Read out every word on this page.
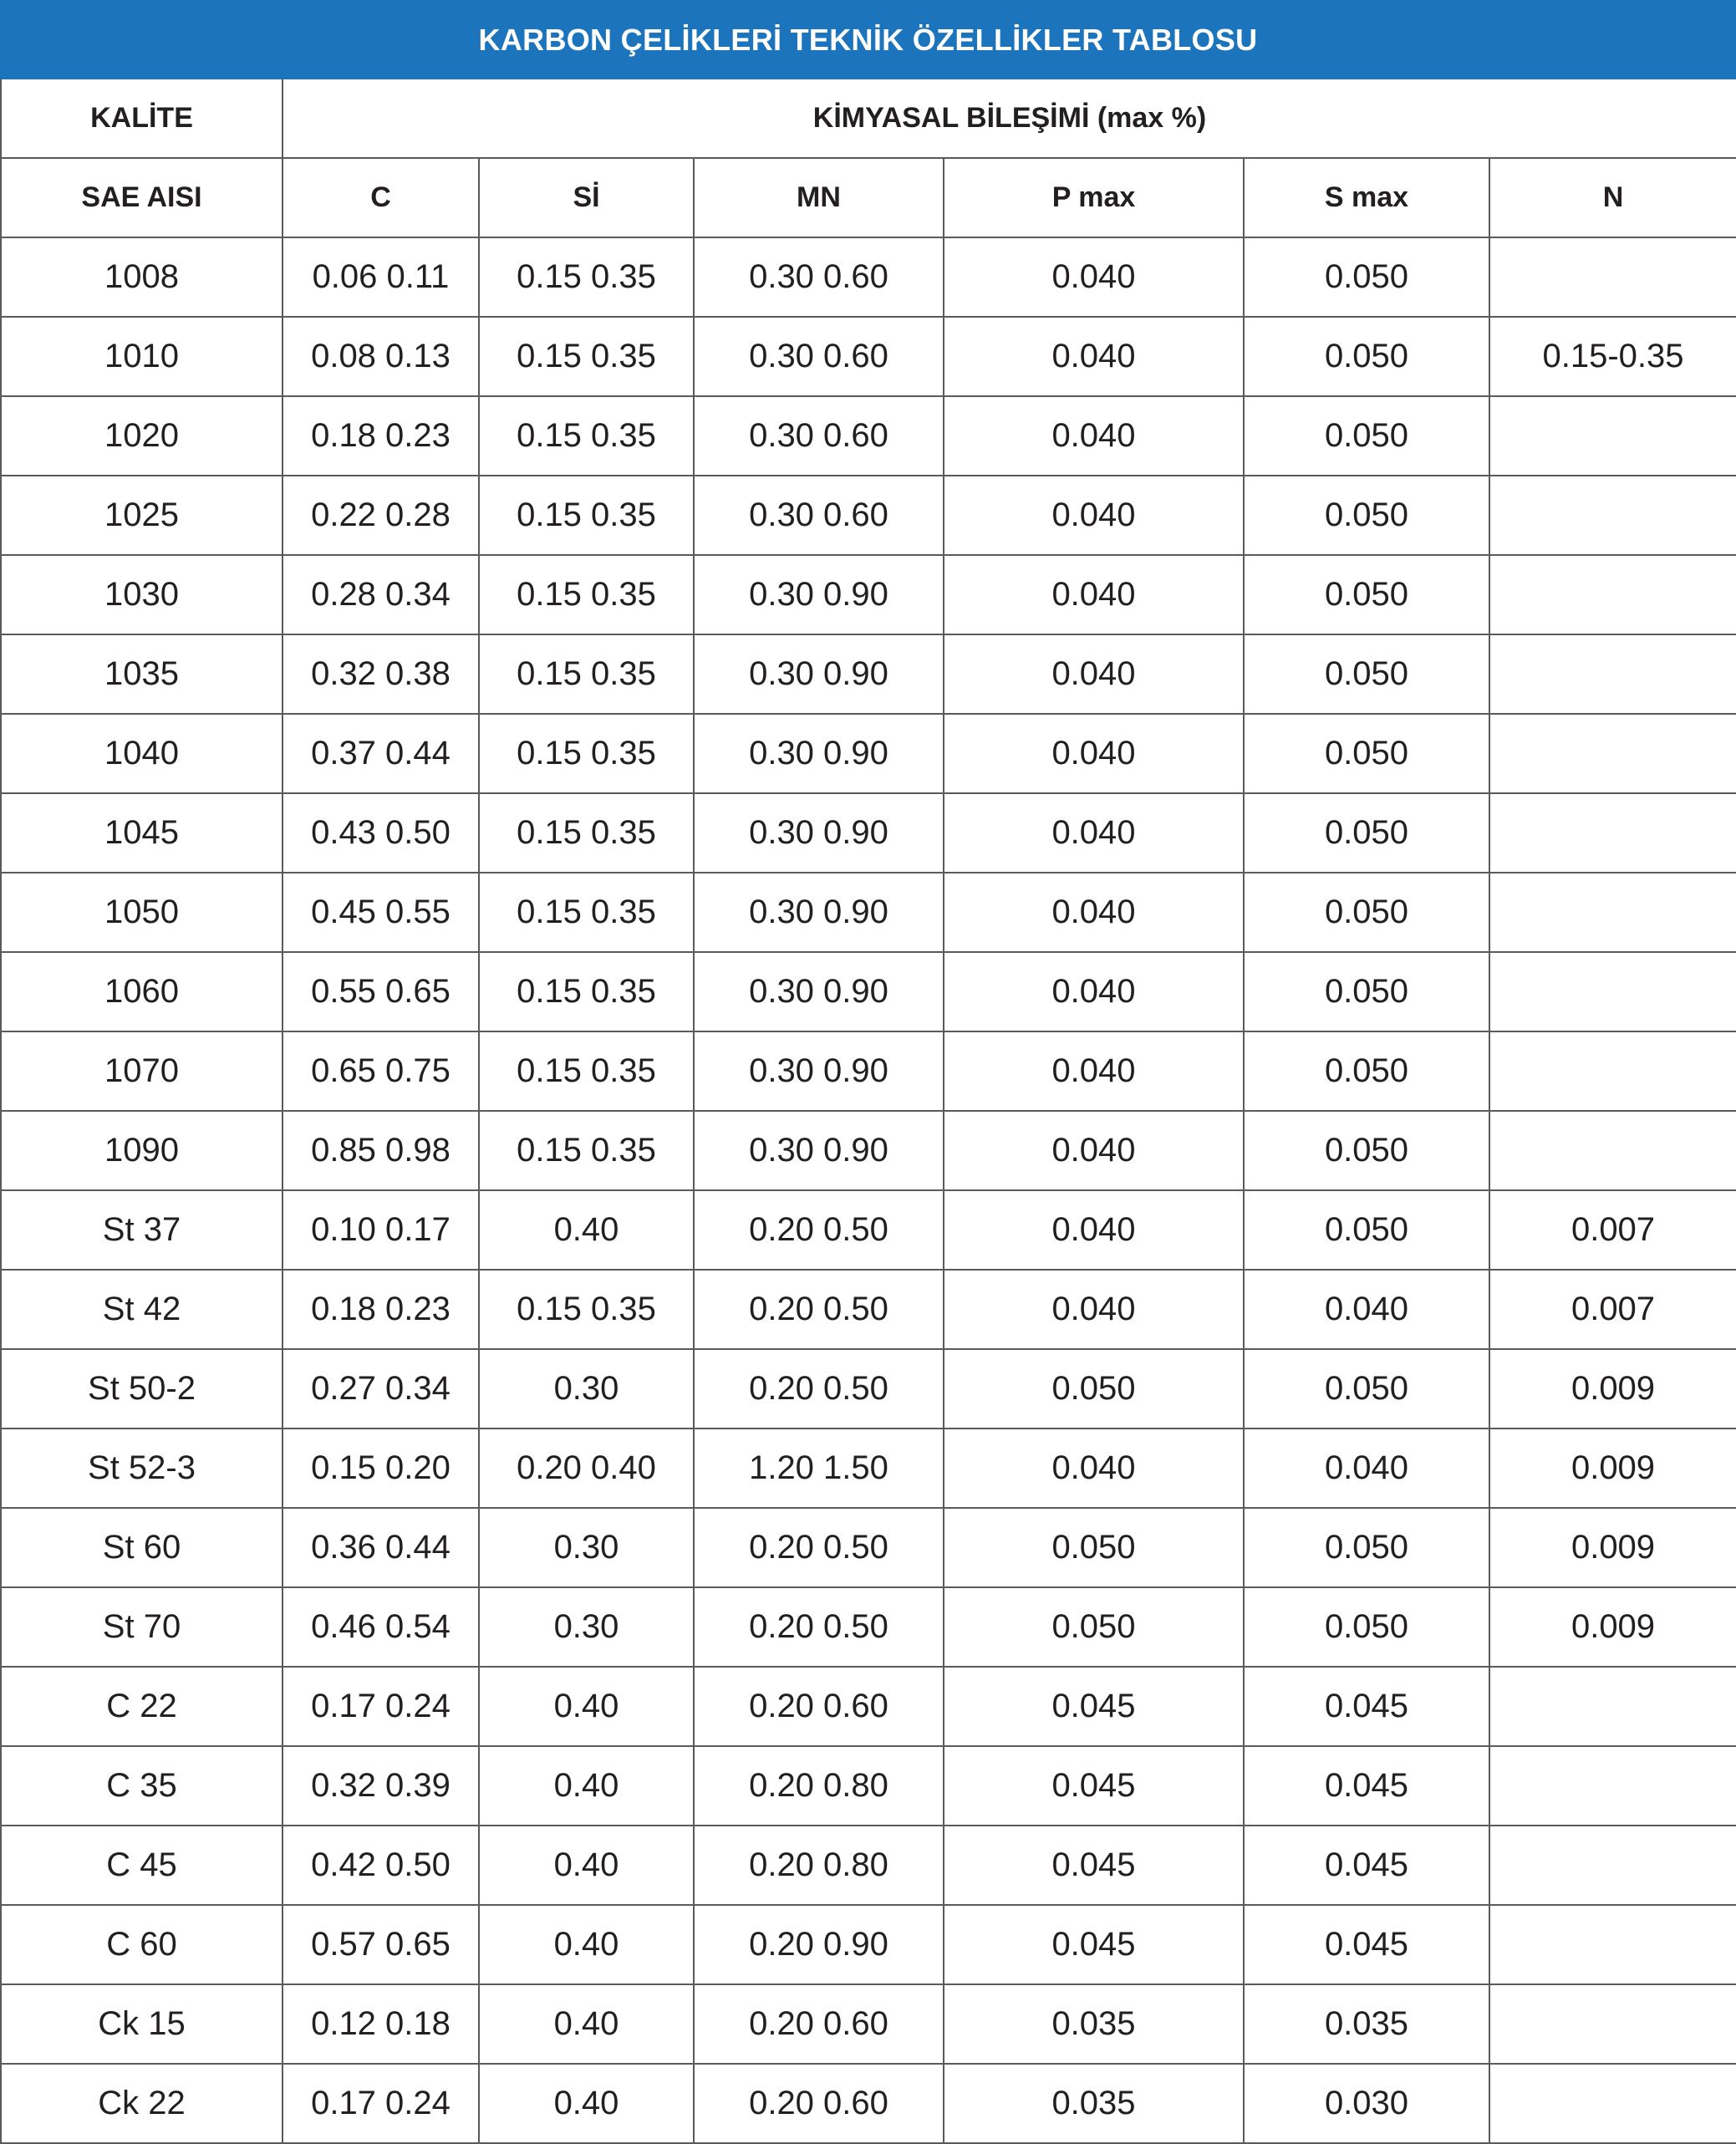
KARBON ÇELİKLERİ TEKNİK ÖZELLİKLER TABLOSU
KALİTE	KİMYASAL BİLEŞİMİ (max %)					
SAE AISI	C	Sİ	MN	P max	S max	N
1008	0.06 0.11	0.15 0.35	0.30 0.60	0.040	0.050	
1010	0.08 0.13	0.15 0.35	0.30 0.60	0.040	0.050	0.15-0.35
1020	0.18 0.23	0.15 0.35	0.30 0.60	0.040	0.050	
1025	0.22 0.28	0.15 0.35	0.30 0.60	0.040	0.050	
1030	0.28 0.34	0.15 0.35	0.30 0.90	0.040	0.050	
1035	0.32 0.38	0.15 0.35	0.30 0.90	0.040	0.050	
1040	0.37 0.44	0.15 0.35	0.30 0.90	0.040	0.050	
1045	0.43 0.50	0.15 0.35	0.30 0.90	0.040	0.050	
1050	0.45 0.55	0.15 0.35	0.30 0.90	0.040	0.050	
1060	0.55 0.65	0.15 0.35	0.30 0.90	0.040	0.050	
1070	0.65 0.75	0.15 0.35	0.30 0.90	0.040	0.050	
1090	0.85 0.98	0.15 0.35	0.30 0.90	0.040	0.050	
St 37	0.10 0.17	0.40	0.20 0.50	0.040	0.050	0.007
St 42	0.18 0.23	0.15 0.35	0.20 0.50	0.040	0.040	0.007
St 50-2	0.27 0.34	0.30	0.20 0.50	0.050	0.050	0.009
St 52-3	0.15 0.20	0.20 0.40	1.20 1.50	0.040	0.040	0.009
St 60	0.36 0.44	0.30	0.20 0.50	0.050	0.050	0.009
St 70	0.46 0.54	0.30	0.20 0.50	0.050	0.050	0.009
C 22	0.17 0.24	0.40	0.20 0.60	0.045	0.045	
C 35	0.32 0.39	0.40	0.20 0.80	0.045	0.045	
C 45	0.42 0.50	0.40	0.20 0.80	0.045	0.045	
C 60	0.57 0.65	0.40	0.20 0.90	0.045	0.045	
Ck 15	0.12 0.18	0.40	0.20 0.60	0.035	0.035	
Ck 22	0.17 0.24	0.40	0.20 0.60	0.035	0.030	
